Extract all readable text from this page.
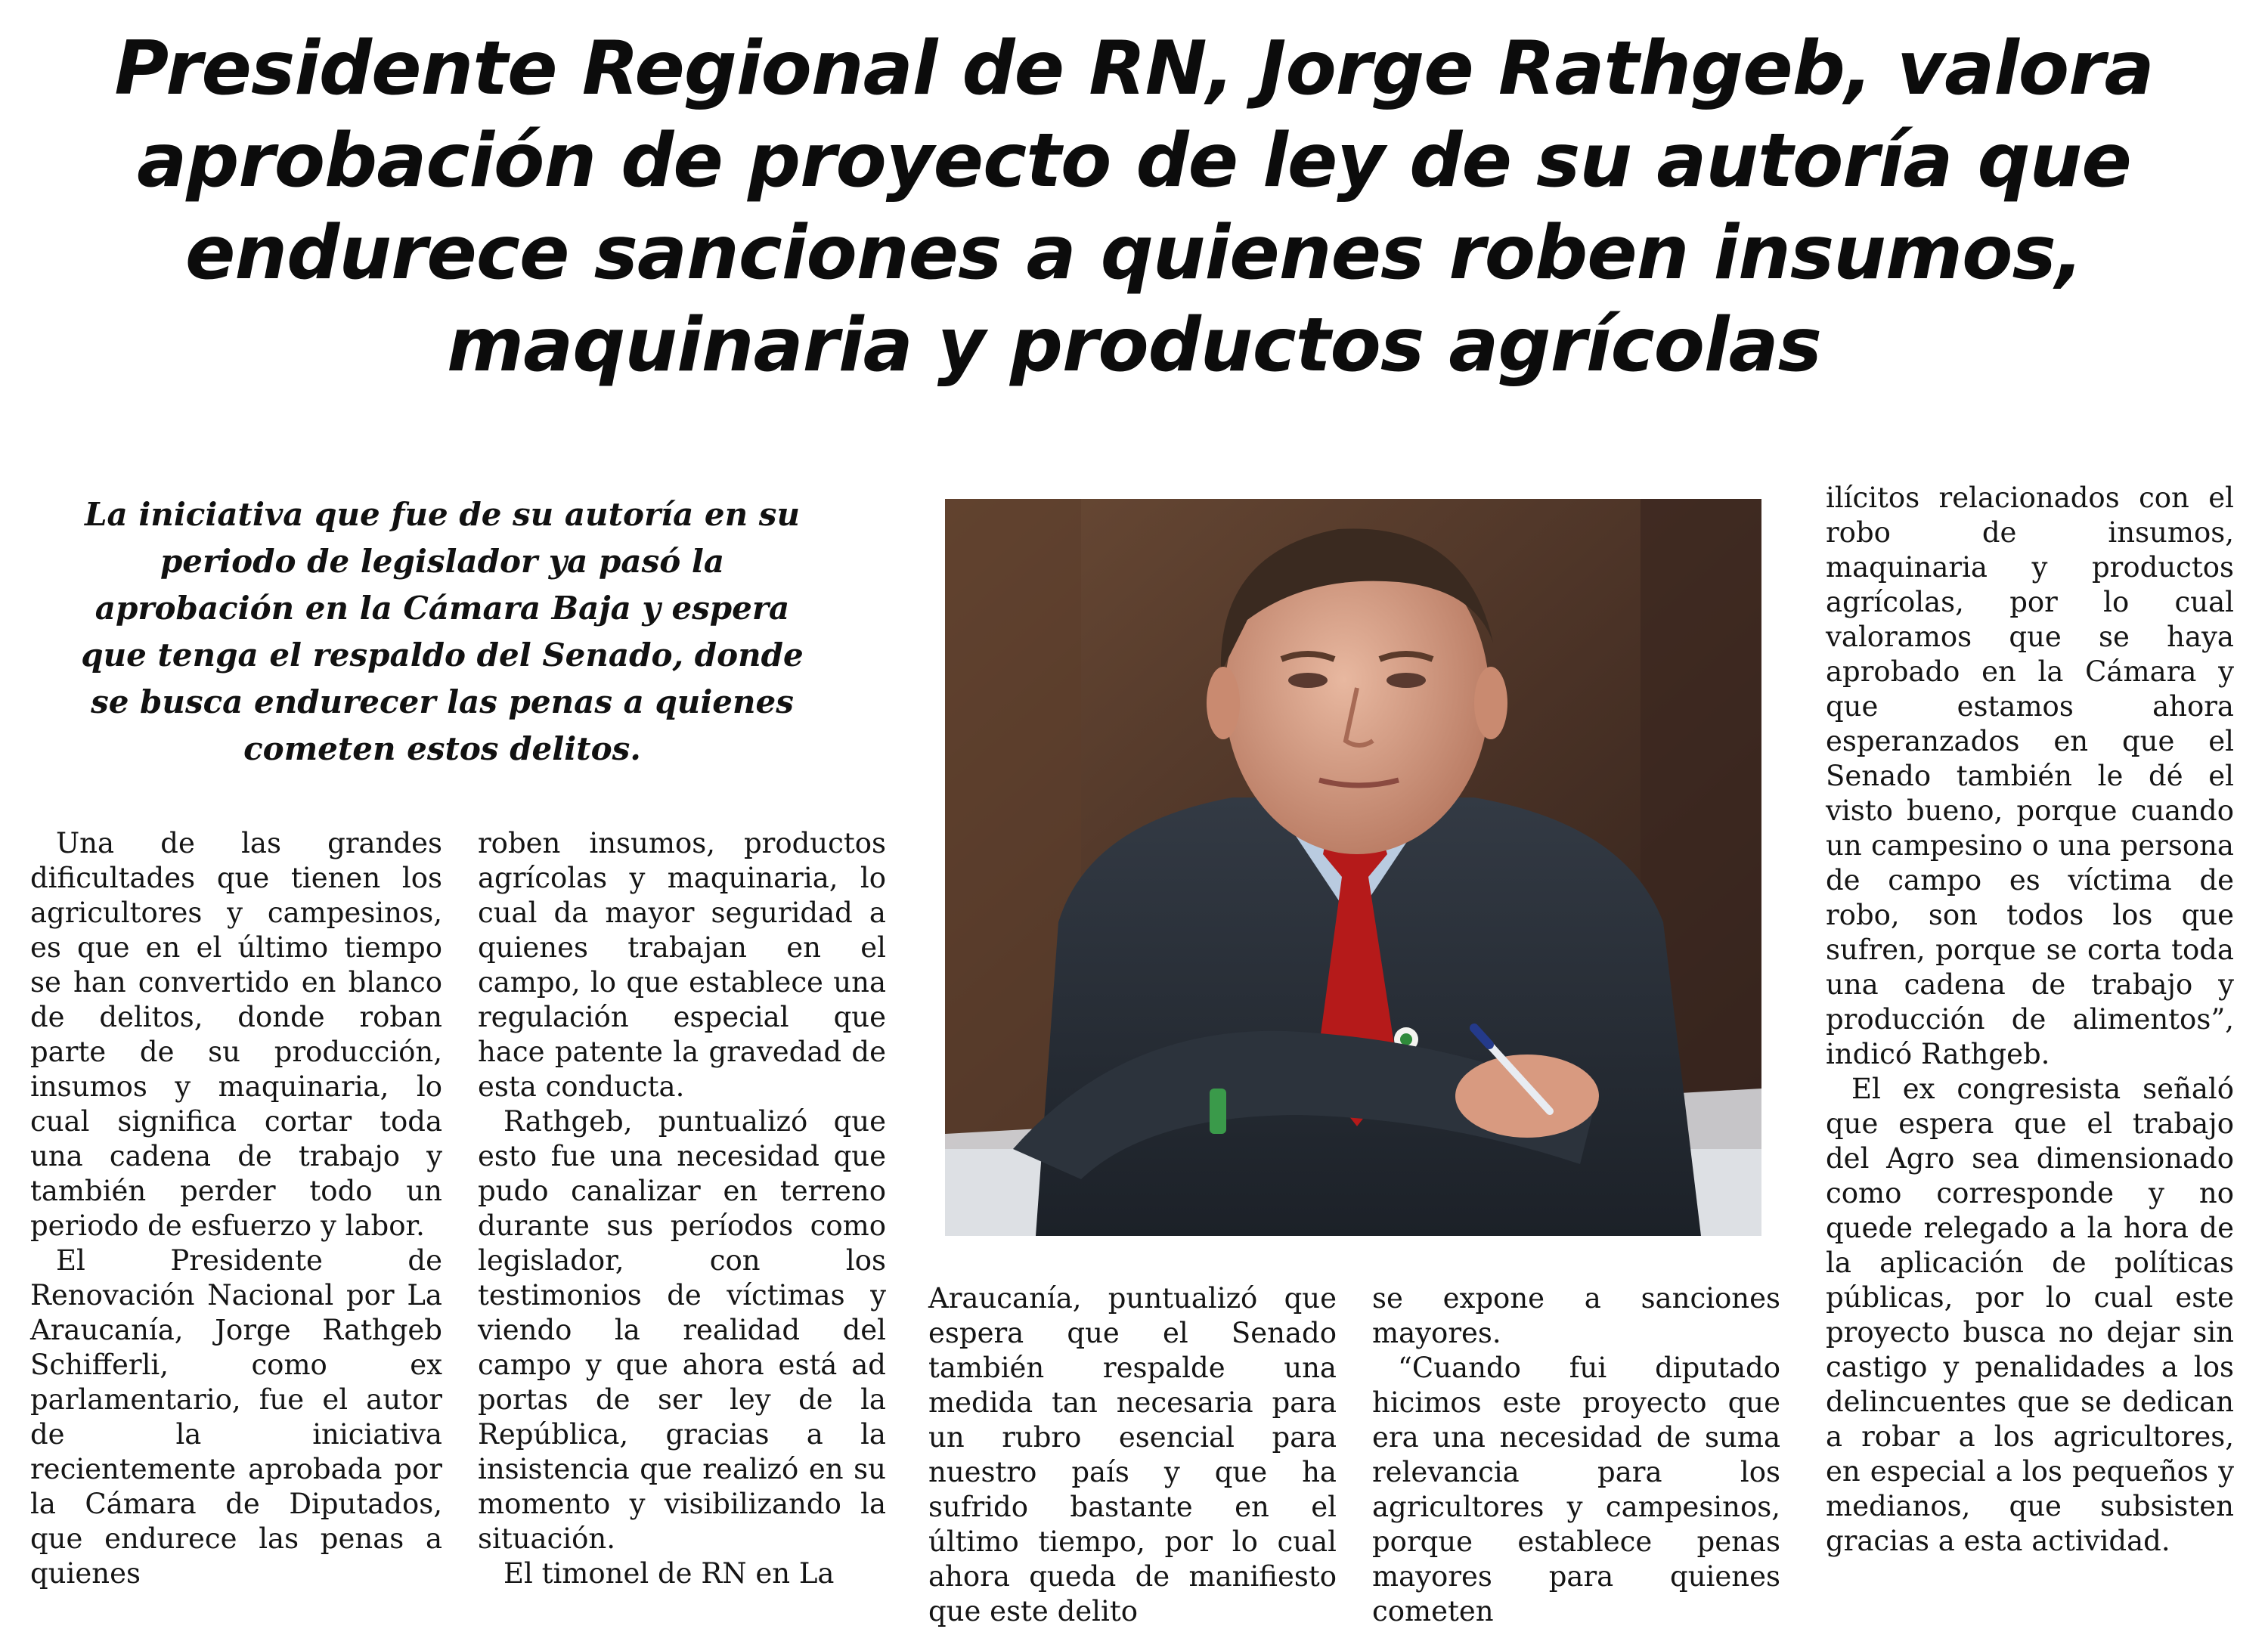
Presidente Regional de RN, Jorge Rathgeb, valora aprobación de proyecto de ley de su autoría que endurece sanciones a quienes roben insumos, maquinaria y productos agrícolas

La iniciativa que fue de su autoría en su periodo de legislador ya pasó la aprobación en la Cámara Baja y espera que tenga el respaldo del Senado, donde se busca endurecer las penas a quienes cometen estos delitos.

Una de las grandes dificultades que tienen los agricultores y campesinos, es que en el último tiempo se han convertido en blanco de delitos, donde roban parte de su producción, insumos y maquinaria, lo cual significa cortar toda una cadena de trabajo y también perder todo un periodo de esfuerzo y labor.

El Presidente de Renovación Nacional por La Araucanía, Jorge Rathgeb Schifferli, como ex parlamentario, fue el autor de la iniciativa recientemente aprobada por la Cámara de Diputados, que endurece las penas a quienes

roben insumos, productos agrícolas y maquinaria, lo cual da mayor seguridad a quienes trabajan en el campo, lo que establece una regulación especial que hace patente la gravedad de esta conducta.

Rathgeb, puntualizó que esto fue una necesidad que pudo canalizar en terreno durante sus períodos como legislador, con los testimonios de víctimas y viendo la realidad del campo y que ahora está ad portas de ser ley de la República, gracias a la insistencia que realizó en su momento y visibilizando la situación.

El timonel de RN en La

Araucanía, puntualizó que espera que el Senado también respalde una medida tan necesaria para un rubro esencial para nuestro país y que ha sufrido bastante en el último tiempo, por lo cual ahora queda de manifiesto que este delito

se expone a sanciones mayores.

“Cuando fui diputado hicimos este proyecto que era una necesidad de suma relevancia para los agricultores y campesinos, porque establece penas mayores para quienes cometen

ilícitos relacionados con el robo de insumos, maquinaria y productos agrícolas, por lo cual valoramos que se haya aprobado en la Cámara y que estamos ahora esperanzados en que el Senado también le dé el visto bueno, porque cuando un campesino o una persona de campo es víctima de robo, son todos los que sufren, porque se corta toda una cadena de trabajo y producción de alimentos”, indicó Rathgeb.

El ex congresista señaló que espera que el trabajo del Agro sea dimensionado como corresponde y no quede relegado a la hora de la aplicación de políticas públicas, por lo cual este proyecto busca no dejar sin castigo y penalidades a los delincuentes que se dedican a robar a los agricultores, en especial a los pequeños y medianos, que subsisten gracias a esta actividad.
